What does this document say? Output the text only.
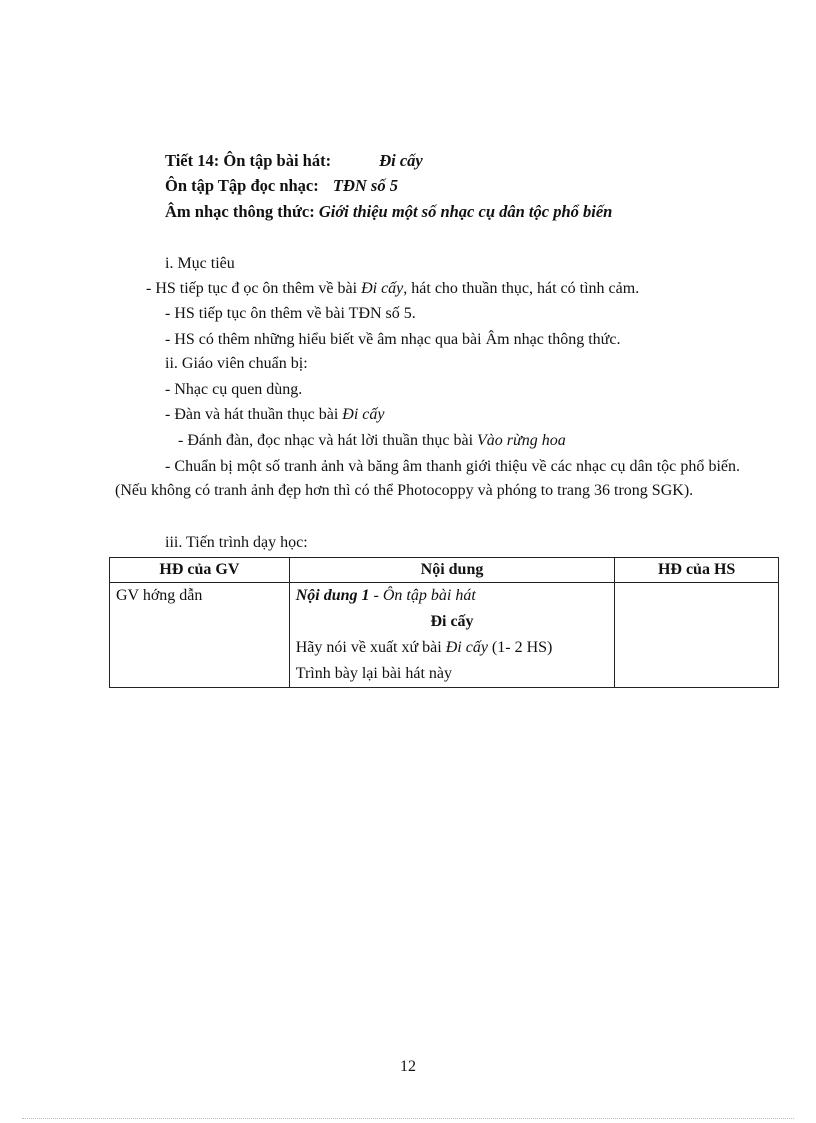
Tiết 14: Ôn tập bài hát:	Đi cấy
Ôn tập Tập đọc nhạc: TĐN số 5
Âm nhạc thông thức: Giới thiệu một số nhạc cụ dân tộc phổ biến
i. Mục tiêu
- HS tiếp tục đ ọc ôn thêm về bài Đi cấy, hát cho thuần thục, hát có tình cảm.
- HS tiếp tục ôn thêm về bài TĐN số 5.
- HS có thêm những hiểu biết về âm nhạc qua bài Âm nhạc thông thức.
ii. Giáo viên chuẩn bị:
- Nhạc cụ quen dùng.
- Đàn và hát thuần thục bài Đi cấy
- Đánh đàn, đọc nhạc và hát lời thuần thục bài Vào rừng hoa
- Chuẩn bị một số tranh ảnh và băng âm thanh giới thiệu về các nhạc cụ dân tộc phổ biến. (Nếu không có tranh ảnh đẹp hơn thì có thể Photocoppy và phóng to trang 36 trong SGK).
iii. Tiến trình dạy học:
HĐ của GV	Nội dung	HĐ của HS

GV hớng dẫn	Nội dung 1 - Ôn tập bài hát

Đi cấy

Hãy nói về xuất xứ bài Đi cấy (1- 2 HS)

Trình bày lại bài hát này	

12
